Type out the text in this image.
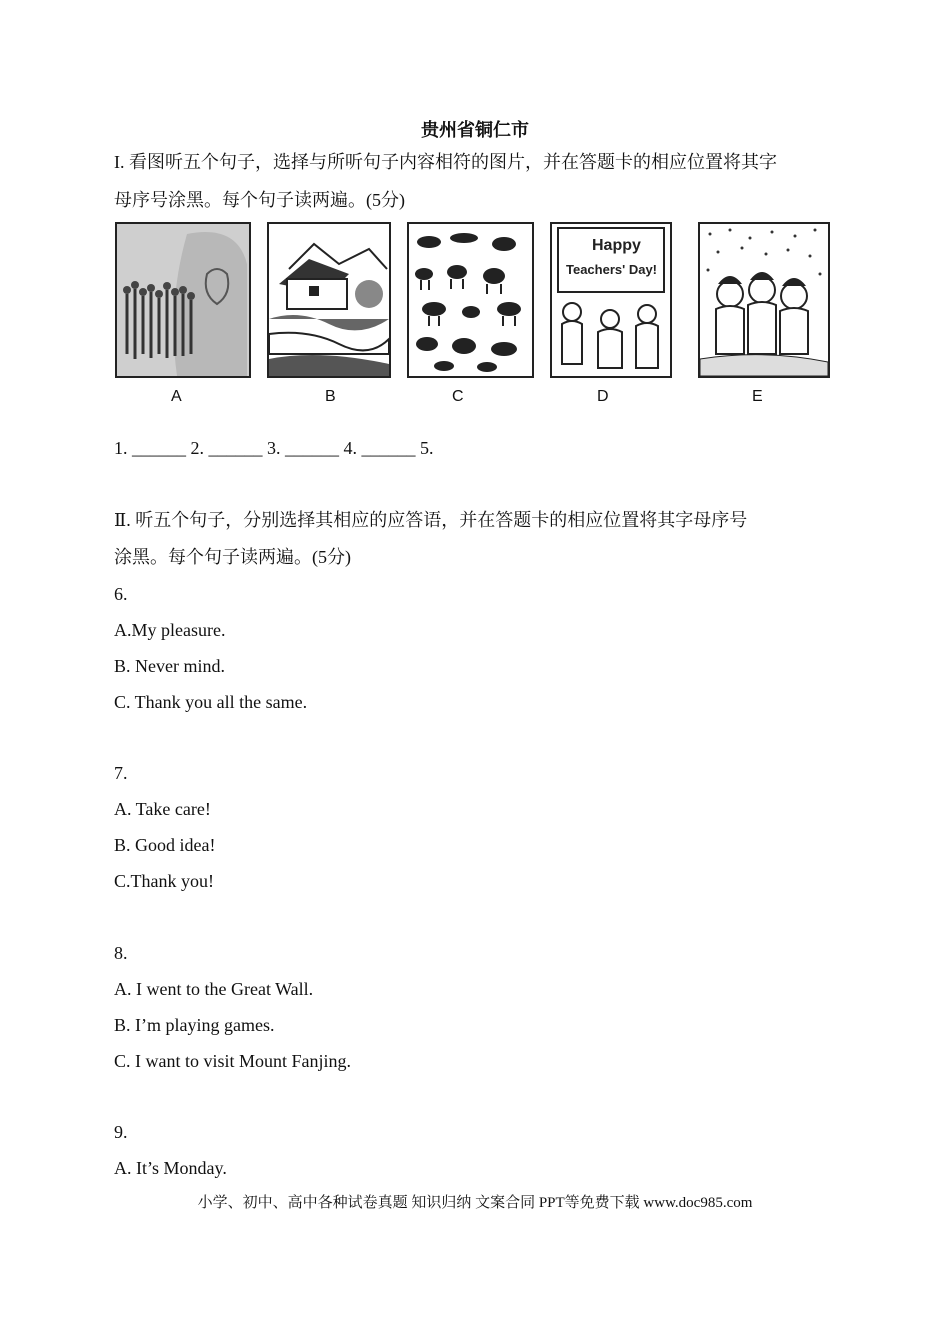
贵州省铜仁市
I. 看图听五个句子，选择与所听句子内容相符的图片，并在答题卡的相应位置将其字
母序号涂黑。每个句子读两遍。(5分)
A	B	C
Happy
Teachers' Day!
D	E
1. ______ 2. ______ 3. ______ 4. ______ 5.
Ⅱ. 听五个句子，分别选择其相应的应答语，并在答题卡的相应位置将其字母序号
涂黑。每个句子读两遍。(5分)
6.
A.My pleasure.
B. Never mind.
C. Thank you all the same.
7.
A. Take care!
B. Good idea!
C.Thank you!
8.
A. I went to the Great Wall.
B. I’m playing games.
C. I want to visit Mount Fanjing.
9.
A. It’s Monday.
小学、初中、高中各种试卷真题 知识归纳 文案合同 PPT等免费下载 www.doc985.com
